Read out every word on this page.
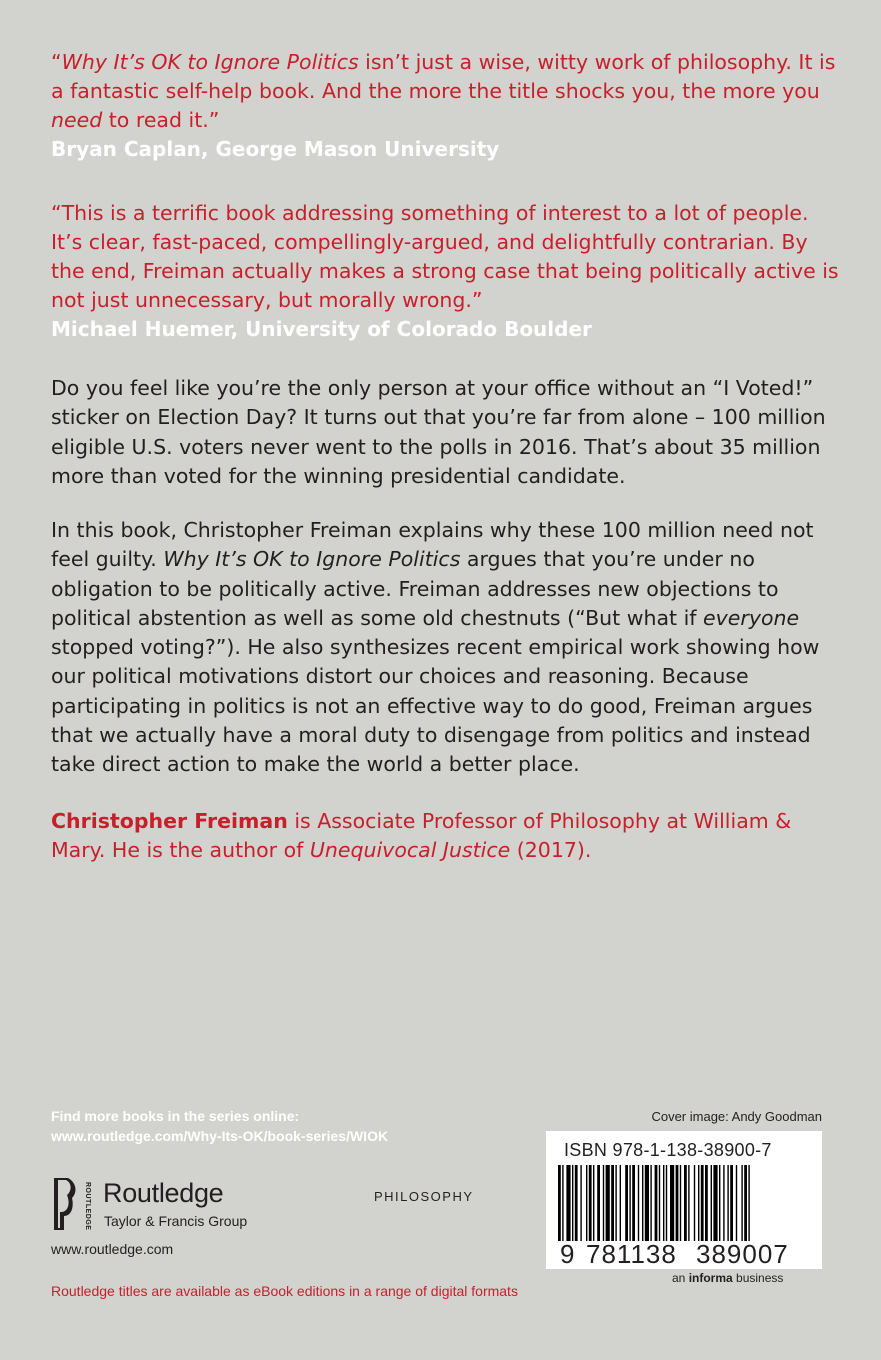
“Why It’s OK to Ignore Politics isn’t just a wise, witty work of philosophy. It is a fantastic self-help book. And the more the title shocks you, the more you need to read it.”
Bryan Caplan, George Mason University
“This is a terrific book addressing something of interest to a lot of people. It’s clear, fast-paced, compellingly-argued, and delightfully contrarian. By the end, Freiman actually makes a strong case that being politically active is not just unnecessary, but morally wrong.”
Michael Huemer, University of Colorado Boulder
Do you feel like you’re the only person at your office without an “I Voted!” sticker on Election Day? It turns out that you’re far from alone – 100 million eligible U.S. voters never went to the polls in 2016. That’s about 35 million more than voted for the winning presidential candidate.
In this book, Christopher Freiman explains why these 100 million need not feel guilty. Why It’s OK to Ignore Politics argues that you’re under no obligation to be politically active. Freiman addresses new objections to political abstention as well as some old chestnuts (“But what if everyone stopped voting?”). He also synthesizes recent empirical work showing how our political motivations distort our choices and reasoning. Because participating in politics is not an effective way to do good, Freiman argues that we actually have a moral duty to disengage from politics and instead take direct action to make the world a better place.
Christopher Freiman is Associate Professor of Philosophy at William & Mary. He is the author of Unequivocal Justice (2017).
Find more books in the series online:
www.routledge.com/Why-Its-OK/book-series/WIOK
Cover image: Andy Goodman
ISBN 978-1-138-38900-7
9 781138 389007
an informa business
ROUTLEDGE Routledge
Taylor & Francis Group
PHILOSOPHY
www.routledge.com
Routledge titles are available as eBook editions in a range of digital formats
